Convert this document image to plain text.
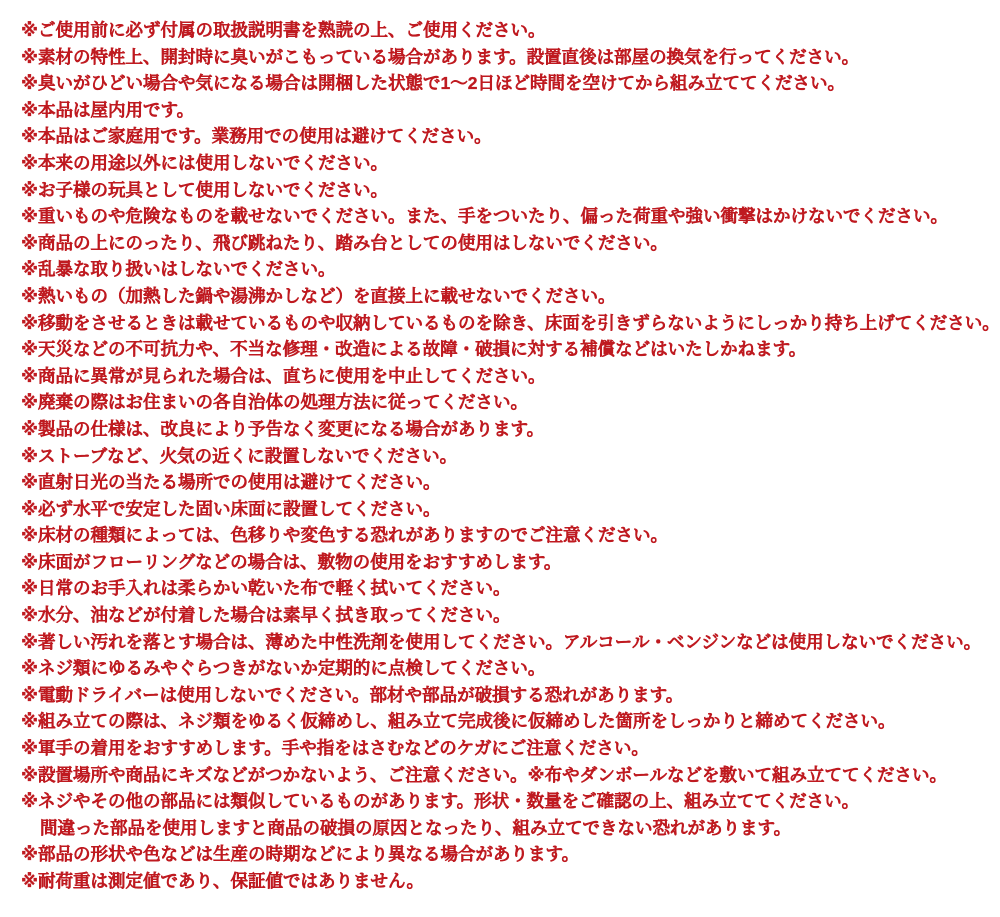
※ご使用前に必ず付属の取扱説明書を熟読の上、ご使用ください。

※素材の特性上、開封時に臭いがこもっている場合があります。設置直後は部屋の換気を行ってください。

※臭いがひどい場合や気になる場合は開梱した状態で1～2日ほど時間を空けてから組み立ててください。

※本品は屋内用です。

※本品はご家庭用です。業務用での使用は避けてください。

※本来の用途以外には使用しないでください。

※お子様の玩具として使用しないでください。

※重いものや危険なものを載せないでください。また、手をついたり、偏った荷重や強い衝撃はかけないでください。

※商品の上にのったり、飛び跳ねたり、踏み台としての使用はしないでください。

※乱暴な取り扱いはしないでください。

※熱いもの（加熱した鍋や湯沸かしなど）を直接上に載せないでください。

※移動をさせるときは載せているものや収納しているものを除き、床面を引きずらないようにしっかり持ち上げてください。

※天災などの不可抗力や、不当な修理・改造による故障・破損に対する補償などはいたしかねます。

※商品に異常が見られた場合は、直ちに使用を中止してください。

※廃棄の際はお住まいの各自治体の処理方法に従ってください。

※製品の仕様は、改良により予告なく変更になる場合があります。

※ストーブなど、火気の近くに設置しないでください。

※直射日光の当たる場所での使用は避けてください。

※必ず水平で安定した固い床面に設置してください。

※床材の種類によっては、色移りや変色する恐れがありますのでご注意ください。

※床面がフローリングなどの場合は、敷物の使用をおすすめします。

※日常のお手入れは柔らかい乾いた布で軽く拭いてください。

※水分、油などが付着した場合は素早く拭き取ってください。

※著しい汚れを落とす場合は、薄めた中性洗剤を使用してください。アルコール・ベンジンなどは使用しないでください。

※ネジ類にゆるみやぐらつきがないか定期的に点検してください。

※電動ドライバーは使用しないでください。部材や部品が破損する恐れがあります。

※組み立ての際は、ネジ類をゆるく仮締めし、組み立て完成後に仮締めした箇所をしっかりと締めてください。

※軍手の着用をおすすめします。手や指をはさむなどのケガにご注意ください。

※設置場所や商品にキズなどがつかないよう、ご注意ください。※布やダンボールなどを敷いて組み立ててください。

※ネジやその他の部品には類似しているものがあります。形状・数量をご確認の上、組み立ててください。

間違った部品を使用しますと商品の破損の原因となったり、組み立てできない恐れがあります。

※部品の形状や色などは生産の時期などにより異なる場合があります。

※耐荷重は測定値であり、保証値ではありません。
